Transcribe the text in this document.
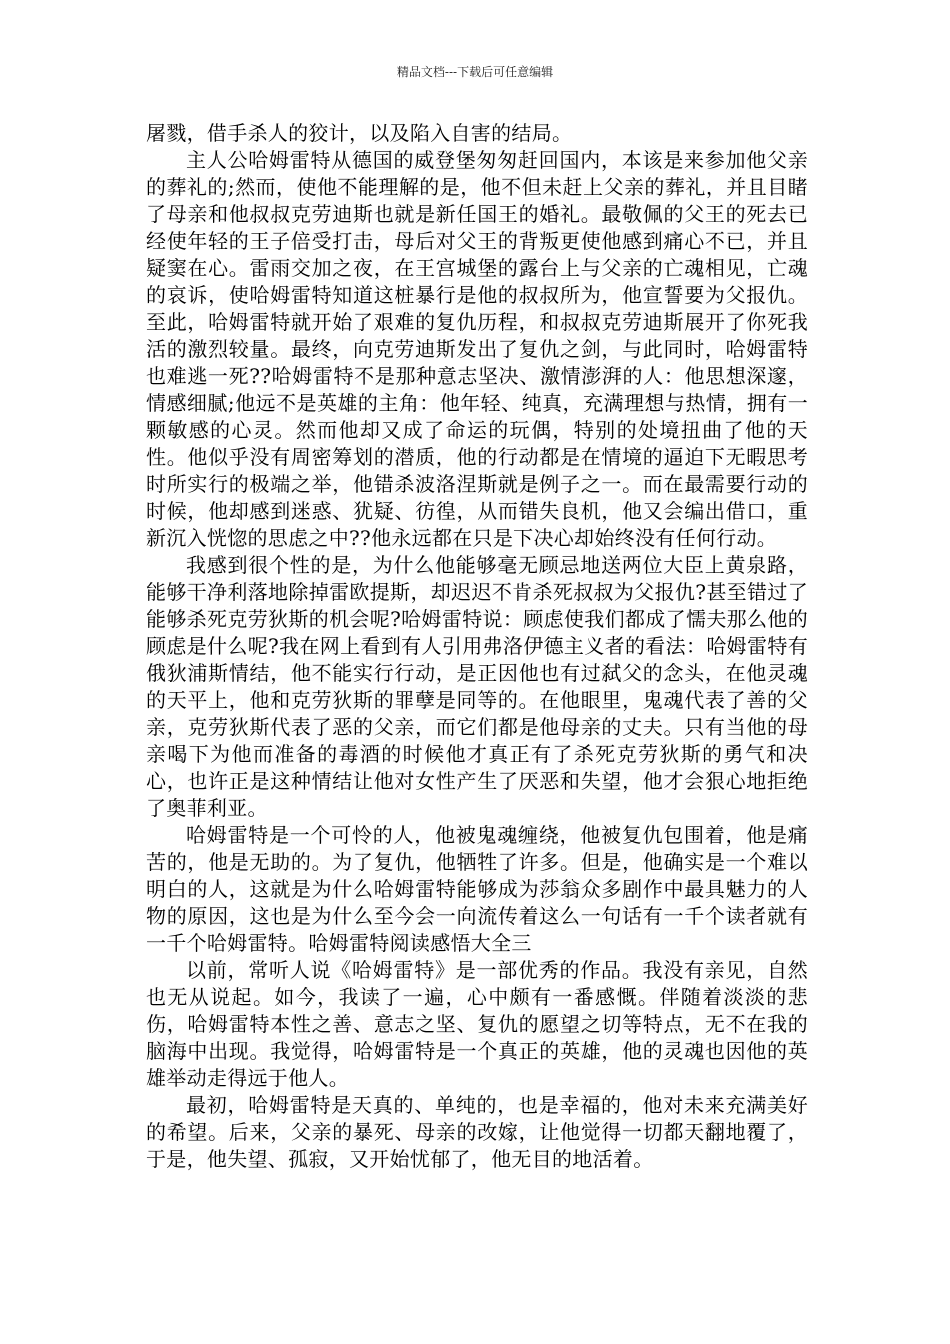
精品文档---下载后可任意编辑

屠戮，借手杀人的狡计，以及陷入自害的结局。

主人公哈姆雷特从德国的威登堡匆匆赶回国内，本该是来参加他父亲的葬礼的;然而，使他不能理解的是，他不但未赶上父亲的葬礼，并且目睹了母亲和他叔叔克劳迪斯也就是新任国王的婚礼。最敬佩的父王的死去已经使年轻的王子倍受打击，母后对父王的背叛更使他感到痛心不已，并且疑窦在心。雷雨交加之夜，在王宫城堡的露台上与父亲的亡魂相见，亡魂的哀诉，使哈姆雷特知道这桩暴行是他的叔叔所为，他宣誓要为父报仇。至此，哈姆雷特就开始了艰难的复仇历程，和叔叔克劳迪斯展开了你死我活的激烈较量。最终，向克劳迪斯发出了复仇之剑，与此同时，哈姆雷特也难逃一死??哈姆雷特不是那种意志坚决、激情澎湃的人：他思想深邃，情感细腻;他远不是英雄的主角：他年轻、纯真，充满理想与热情，拥有一颗敏感的心灵。然而他却又成了命运的玩偶，特别的处境扭曲了他的天性。他似乎没有周密筹划的潜质，他的行动都是在情境的逼迫下无暇思考时所实行的极端之举，他错杀波洛涅斯就是例子之一。而在最需要行动的时候，他却感到迷惑、犹疑、彷徨，从而错失良机，他又会编出借口，重新沉入恍惚的思虑之中??他永远都在只是下决心却始终没有任何行动。

我感到很个性的是，为什么他能够毫无顾忌地送两位大臣上黄泉路，能够干净利落地除掉雷欧提斯，却迟迟不肯杀死叔叔为父报仇?甚至错过了能够杀死克劳狄斯的机会呢?哈姆雷特说：顾虑使我们都成了懦夫那么他的顾虑是什么呢?我在网上看到有人引用弗洛伊德主义者的看法：哈姆雷特有俄狄浦斯情结，他不能实行行动，是正因他也有过弑父的念头，在他灵魂的天平上，他和克劳狄斯的罪孽是同等的。在他眼里，鬼魂代表了善的父亲，克劳狄斯代表了恶的父亲，而它们都是他母亲的丈夫。只有当他的母亲喝下为他而准备的毒酒的时候他才真正有了杀死克劳狄斯的勇气和决心，也许正是这种情结让他对女性产生了厌恶和失望，他才会狠心地拒绝了奥菲利亚。

哈姆雷特是一个可怜的人，他被鬼魂缠绕，他被复仇包围着，他是痛苦的，他是无助的。为了复仇，他牺牲了许多。但是，他确实是一个难以明白的人，这就是为什么哈姆雷特能够成为莎翁众多剧作中最具魅力的人物的原因，这也是为什么至今会一向流传着这么一句话有一千个读者就有一千个哈姆雷特。哈姆雷特阅读感悟大全三

以前，常听人说《哈姆雷特》是一部优秀的作品。我没有亲见，自然也无从说起。如今，我读了一遍，心中颇有一番感慨。伴随着淡淡的悲伤，哈姆雷特本性之善、意志之坚、复仇的愿望之切等特点，无不在我的脑海中出现。我觉得，哈姆雷特是一个真正的英雄，他的灵魂也因他的英雄举动走得远于他人。

最初，哈姆雷特是天真的、单纯的，也是幸福的，他对未来充满美好的希望。后来，父亲的暴死、母亲的改嫁，让他觉得一切都天翻地覆了，于是，他失望、孤寂，又开始忧郁了，他无目的地活着。
